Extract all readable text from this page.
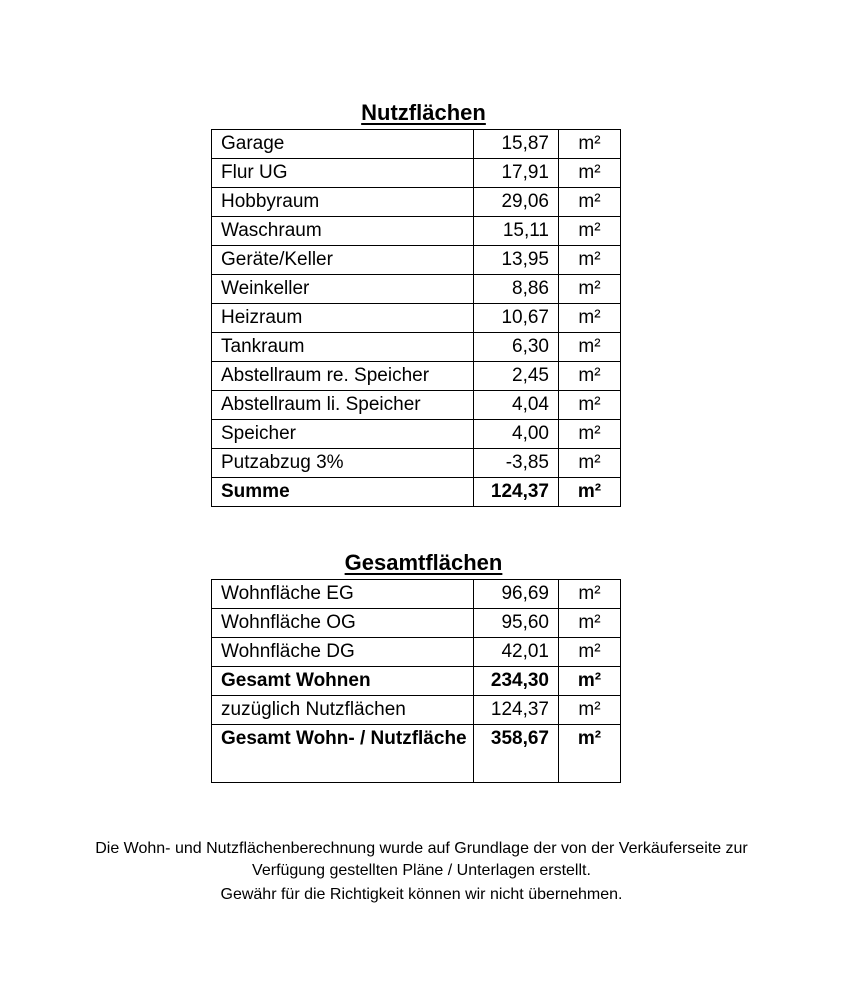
Nutzflächen
Garage	15,87	m²
Flur UG	17,91	m²
Hobbyraum	29,06	m²
Waschraum	15,11	m²
Geräte/Keller	13,95	m²
Weinkeller	8,86	m²
Heizraum	10,67	m²
Tankraum	6,30	m²
Abstellraum re. Speicher	2,45	m²
Abstellraum li. Speicher	4,04	m²
Speicher	4,00	m²
Putzabzug 3%	-3,85	m²
Summe	124,37	m²
Gesamtflächen
Wohnfläche EG	96,69	m²
Wohnfläche OG	95,60	m²
Wohnfläche DG	42,01	m²
Gesamt Wohnen	234,30	m²
zuzüglich Nutzflächen	124,37	m²
Gesamt Wohn- / Nutzfläche	358,67	m²
Die Wohn- und Nutzflächenberechnung wurde auf Grundlage der von der Verkäuferseite zur
Verfügung gestellten Pläne / Unterlagen erstellt.
Gewähr für die Richtigkeit können wir nicht übernehmen.
